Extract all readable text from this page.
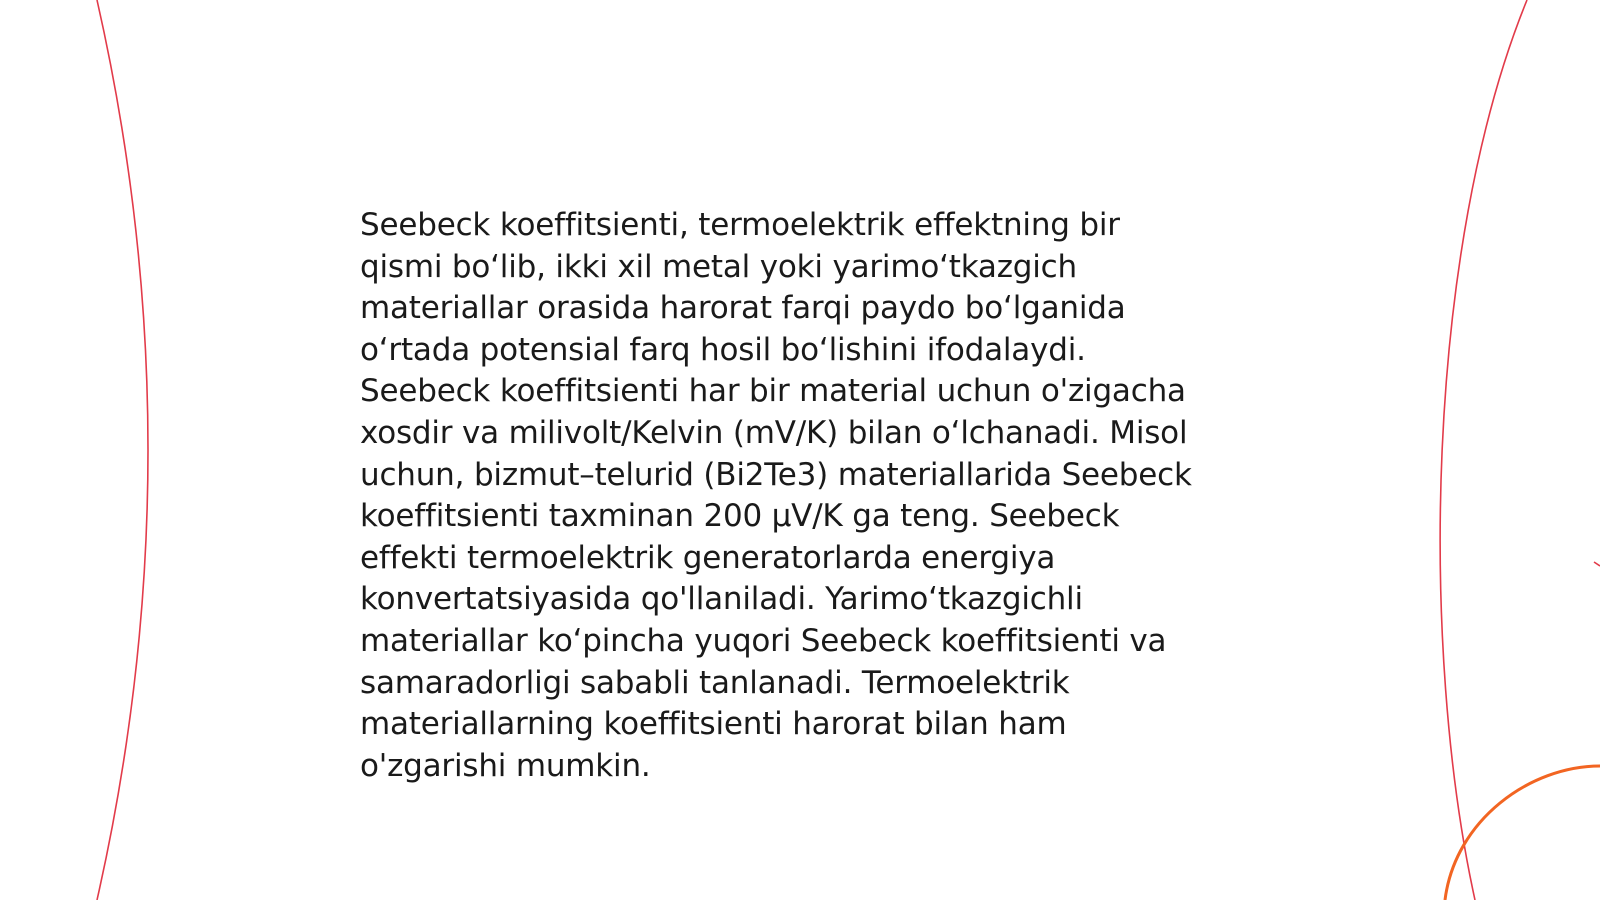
Seebeck koeffitsienti, termoelektrik effektning bir
qismi bo‘lib, ikki xil metal yoki yarimo‘tkazgich
materiallar orasida harorat farqi paydo bo‘lganida
o‘rtada potensial farq hosil bo‘lishini ifodalaydi.
Seebeck koeffitsienti har bir material uchun o'zigacha
xosdir va milivolt/Kelvin (mV/K) bilan o‘lchanadi. Misol
uchun, bizmut–telurid (Bi2Te3) materiallarida Seebeck
koeffitsienti taxminan 200 μV/K ga teng. Seebeck
effekti termoelektrik generatorlarda energiya
konvertatsiyasida qo'llaniladi. Yarimo‘tkazgichli
materiallar ko‘pincha yuqori Seebeck koeffitsienti va
samaradorligi sababli tanlanadi. Termoelektrik
materiallarning koeffitsienti harorat bilan ham
o'zgarishi mumkin.
